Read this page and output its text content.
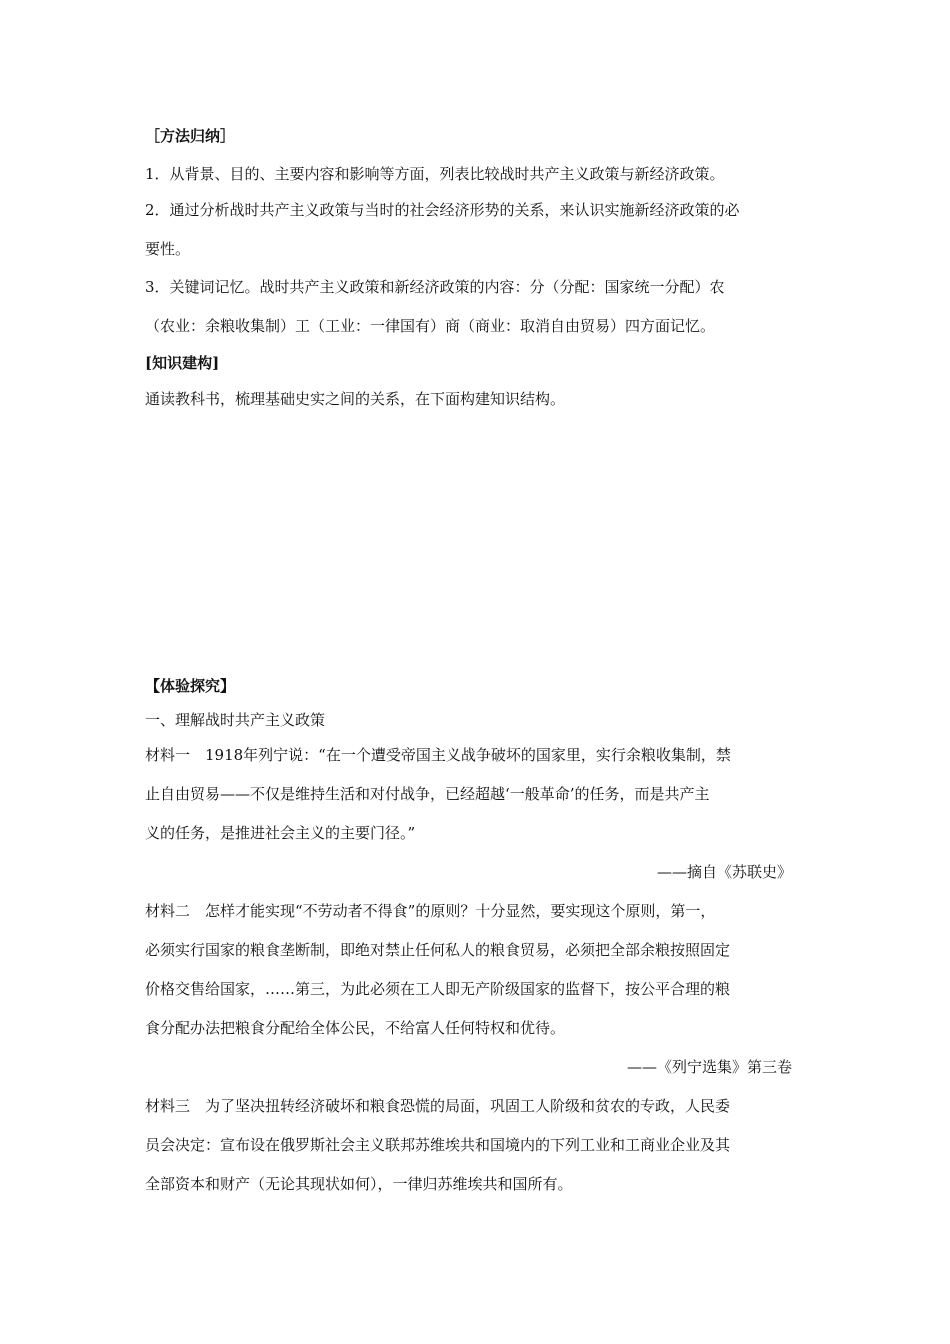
［方法归纳］
1．从背景、目的、主要内容和影响等方面，列表比较战时共产主义政策与新经济政策。
2．通过分析战时共产主义政策与当时的社会经济形势的关系，来认识实施新经济政策的必
要性。
3．关键词记忆。战时共产主义政策和新经济政策的内容：分（分配：国家统一分配）农
（农业：余粮收集制）工（工业：一律国有）商（商业：取消自由贸易）四方面记忆。
[知识建构]
通读教科书，梳理基础史实之间的关系，在下面构建知识结构。
【体验探究】
一、理解战时共产主义政策
材料一　1918年列宁说：“在一个遭受帝国主义战争破坏的国家里，实行余粮收集制，禁
止自由贸易——不仅是维持生活和对付战争，已经超越‘一般革命’的任务，而是共产主
义的任务，是推进社会主义的主要门径。”
——摘自《苏联史》
材料二　怎样才能实现“不劳动者不得食”的原则？十分显然，要实现这个原则，第一，
必须实行国家的粮食垄断制，即绝对禁止任何私人的粮食贸易，必须把全部余粮按照固定
价格交售给国家，……第三，为此必须在工人即无产阶级国家的监督下，按公平合理的粮
食分配办法把粮食分配给全体公民，不给富人任何特权和优待。
——《列宁选集》第三卷
材料三　为了坚决扭转经济破坏和粮食恐慌的局面，巩固工人阶级和贫农的专政，人民委
员会决定：宣布设在俄罗斯社会主义联邦苏维埃共和国境内的下列工业和工商业企业及其
全部资本和财产（无论其现状如何），一律归苏维埃共和国所有。
